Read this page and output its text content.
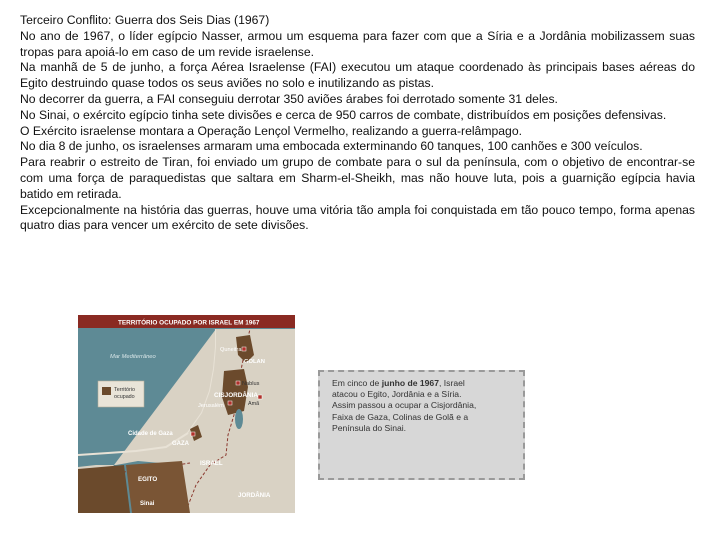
Terceiro Conflito: Guerra dos Seis Dias (1967)

No ano de 1967, o líder egípcio Nasser, armou um esquema para fazer com que a Síria e a Jordânia mobilizassem suas tropas para apoiá-lo em caso de um revide israelense.

Na manhã de 5 de junho, a força Aérea Israelense (FAI) executou um ataque coordenado às principais bases aéreas do Egito destruindo quase todos os seus aviões no solo e inutilizando as pistas.

No decorrer da guerra, a FAI conseguiu derrotar 350 aviões árabes foi derrotado somente 31 deles.

No Sinai, o exército egípcio tinha sete divisões e cerca de 950 carros de combate, distribuídos em posições defensivas.

O Exército israelense montara a Operação Lençol Vermelho, realizando a guerra-relâmpago.

No dia 8 de junho, os israelenses armaram uma embocada exterminando 60 tanques, 100 canhões e 300 veículos.

Para reabrir o estreito de Tiran, foi enviado um grupo de combate para o sul da península, com o objetivo de encontrar-se com uma força de paraquedistas que saltara em Sharm-el-Sheikh, mas não houve luta, pois a guarnição egípcia havia batido em retirada.

Excepcionalmente na história das guerras, houve uma vitória tão ampla foi conquistada em tão pouco tempo, forma apenas quatro dias para vencer um exército de sete divisões.

TERRITÓRIO OCUPADO POR ISRAEL EM 1967
Território
ocupado
Mar Mediterrâneo
Quneitra
GOLAN
Nablus
CISJORDÂNIA
Jerusalém	Amã
Cidade de Gaza
GAZA
ISRAEL
EGITO
JORDÂNIA
Sinai
Em cinco de junho de 1967, Israel
atacou o Egito, Jordânia e a Síria.
Assim passou a ocupar a Cisjordânia,
Faixa de Gaza, Colinas de Golã e a
Península do Sinai.
